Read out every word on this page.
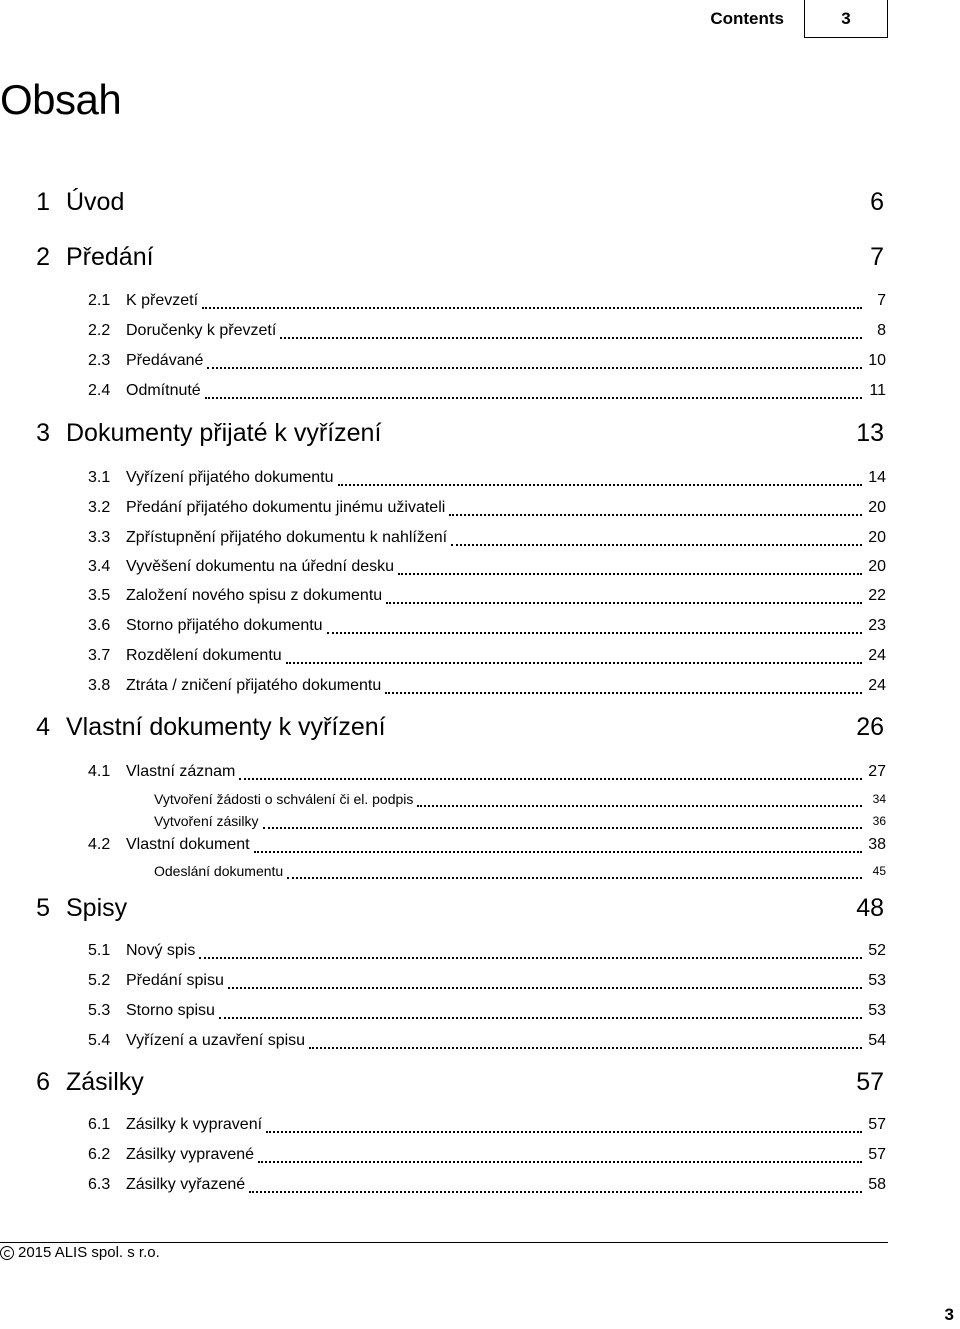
Contents	3
Obsah
1 Úvod	6
2 Předání	7
2.1 K převzetí	7
2.2 Doručenky k převzetí	8
2.3 Předávané	10
2.4 Odmítnuté	11
3 Dokumenty přijaté k vyřízení	13
3.1 Vyřízení přijatého dokumentu	14
3.2 Předání přijatého dokumentu jinému uživateli	20
3.3 Zpřístupnění přijatého dokumentu k nahlížení	20
3.4 Vyvěšení dokumentu na úřední desku	20
3.5 Založení nového spisu z dokumentu	22
3.6 Storno přijatého dokumentu	23
3.7 Rozdělení dokumentu	24
3.8 Ztráta / zničení přijatého dokumentu	24
4 Vlastní dokumenty k vyřízení	26
4.1 Vlastní záznam	27
Vytvoření žádosti o schválení či el. podpis	34
Vytvoření zásilky	36
4.2 Vlastní dokument	38
Odeslání dokumentu	45
5 Spisy	48
5.1 Nový spis	52
5.2 Předání spisu	53
5.3 Storno spisu	53
5.4 Vyřízení a uzavření spisu	54
6 Zásilky	57
6.1 Zásilky k vypravení	57
6.2 Zásilky vypravené	57
6.3 Zásilky vyřazené	58
2015 ALIS spol. s r.o.
3
